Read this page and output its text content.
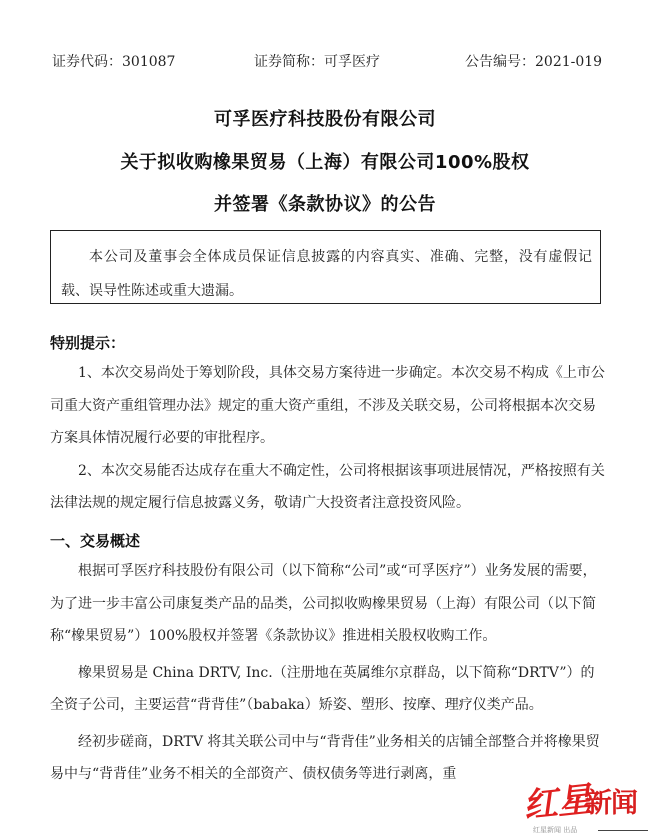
证券代码：301087	证券简称：可孚医疗	公告编号：2021-019
可孚医疗科技股份有限公司
关于拟收购橡果贸易（上海）有限公司100%股权
并签署《条款协议》的公告

本公司及董事会全体成员保证信息披露的内容真实、准确、完整，没有虚假记载、误导性陈述或重大遗漏。

特别提示：

1、本次交易尚处于筹划阶段，具体交易方案待进一步确定。本次交易不构成《上市公司重大资产重组管理办法》规定的重大资产重组，不涉及关联交易，公司将根据本次交易方案具体情况履行必要的审批程序。

2、本次交易能否达成存在重大不确定性，公司将根据该事项进展情况，严格按照有关法律法规的规定履行信息披露义务，敬请广大投资者注意投资风险。

一、交易概述

根据可孚医疗科技股份有限公司（以下简称“公司”或“可孚医疗”）业务发展的需要，为了进一步丰富公司康复类产品的品类，公司拟收购橡果贸易（上海）有限公司（以下简称“橡果贸易”）100%股权并签署《条款协议》推进相关股权收购工作。

橡果贸易是 China DRTV, Inc.（注册地在英属维尔京群岛，以下简称“DRTV”）的全资子公司，主要运营“背背佳”（babaka）矫姿、塑形、按摩、理疗仪类产品。

经初步磋商，DRTV 将其关联公司中与“背背佳”业务相关的店铺全部整合并将橡果贸易中与“背背佳”业务不相关的全部资产、债权债务等进行剥离，重

红星
新闻
红星新闻 出品
